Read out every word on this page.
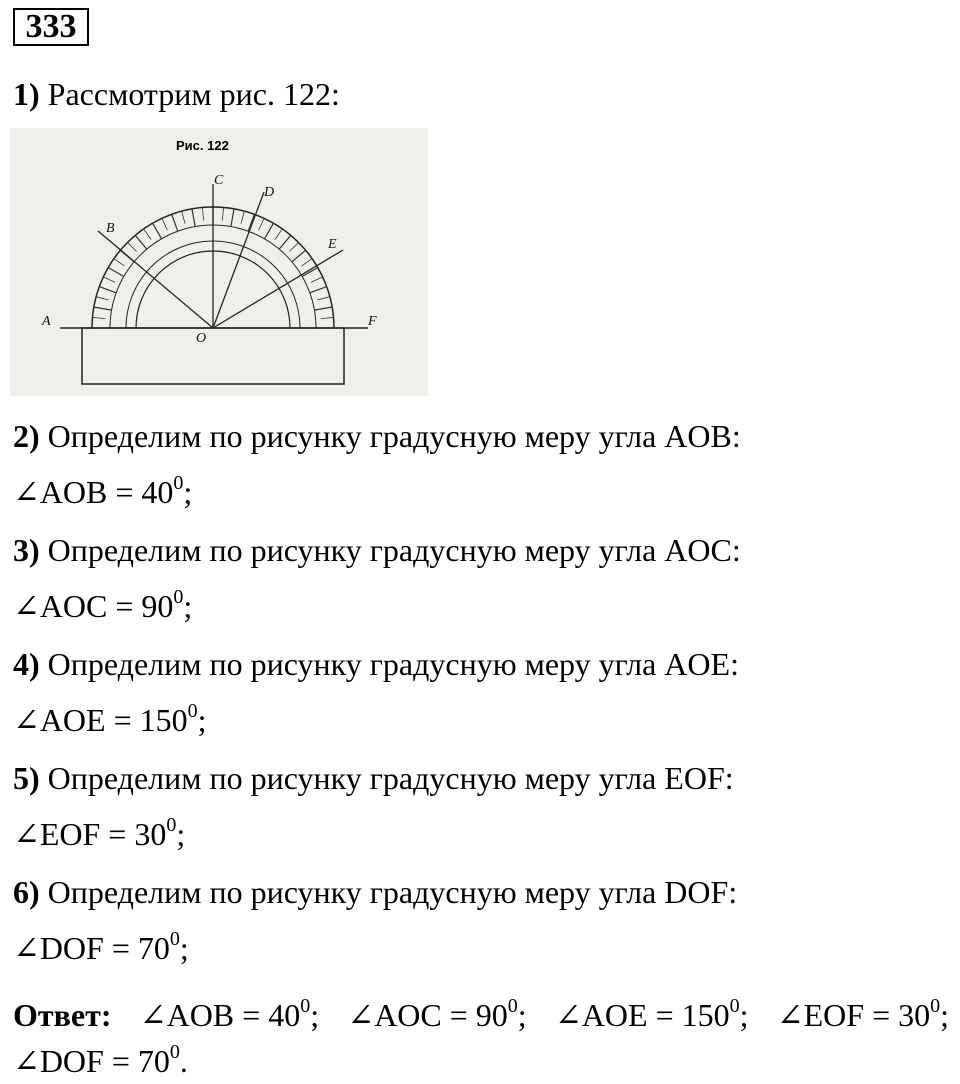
333
1) Рассмотрим рис. 122:
Рис. 122
A
B
C
D
E
F
O
2) Определим по рисунку градусную меру угла AOB:
∠AOB = $40^0$;
3) Определим по рисунку градусную меру угла AOC:
∠AOC = $90^0$;
4) Определим по рисунку градусную меру угла AOE:
∠AOE = $150^0$;
5) Определим по рисунку градусную меру угла EOF:
∠EOF = $30^0$;
6) Определим по рисунку градусную меру угла DOF:
∠DOF = $70^0$;
Ответ: ∠AOB = $40^0$; ∠AOC = $90^0$; ∠AOE = $150^0$; ∠EOF = $30^0$;
∠DOF = $70^0$.
